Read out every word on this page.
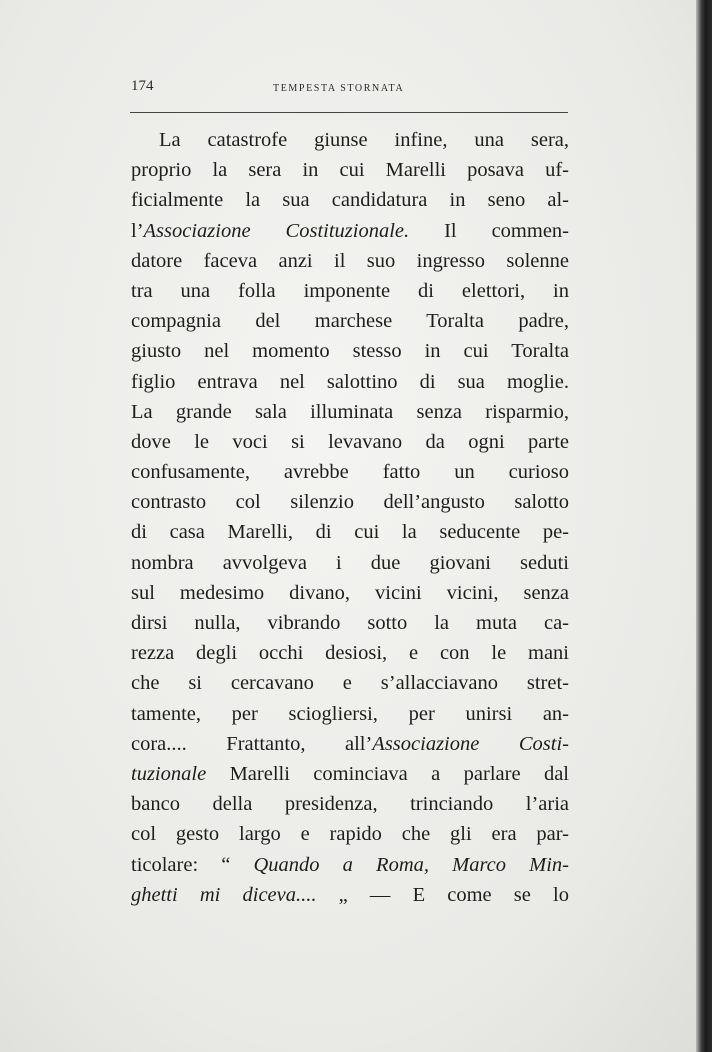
174	TEMPESTA STORNATA
La catastrofe giunse infine, una sera,
proprio la sera in cui Marelli posava uf-
ficialmente la sua candidatura in seno al-
l’Associazione Costituzionale. Il commen-
datore faceva anzi il suo ingresso solenne
tra una folla imponente di elettori, in
compagnia del marchese Toralta padre,
giusto nel momento stesso in cui Toralta
figlio entrava nel salottino di sua moglie.
La grande sala illuminata senza risparmio,
dove le voci si levavano da ogni parte
confusamente, avrebbe fatto un curioso
contrasto col silenzio dell’angusto salotto
di casa Marelli, di cui la seducente pe-
nombra avvolgeva i due giovani seduti
sul medesimo divano, vicini vicini, senza
dirsi nulla, vibrando sotto la muta ca-
rezza degli occhi desiosi, e con le mani
che si cercavano e s’allacciavano stret-
tamente, per sciogliersi, per unirsi an-
cora.... Frattanto, all’Associazione Costi-
tuzionale Marelli cominciava a parlare dal
banco della presidenza, trinciando l’aria
col gesto largo e rapido che gli era par-
ticolare: “ Quando a Roma, Marco Min-
ghetti mi diceva.... „ — E come se lo
